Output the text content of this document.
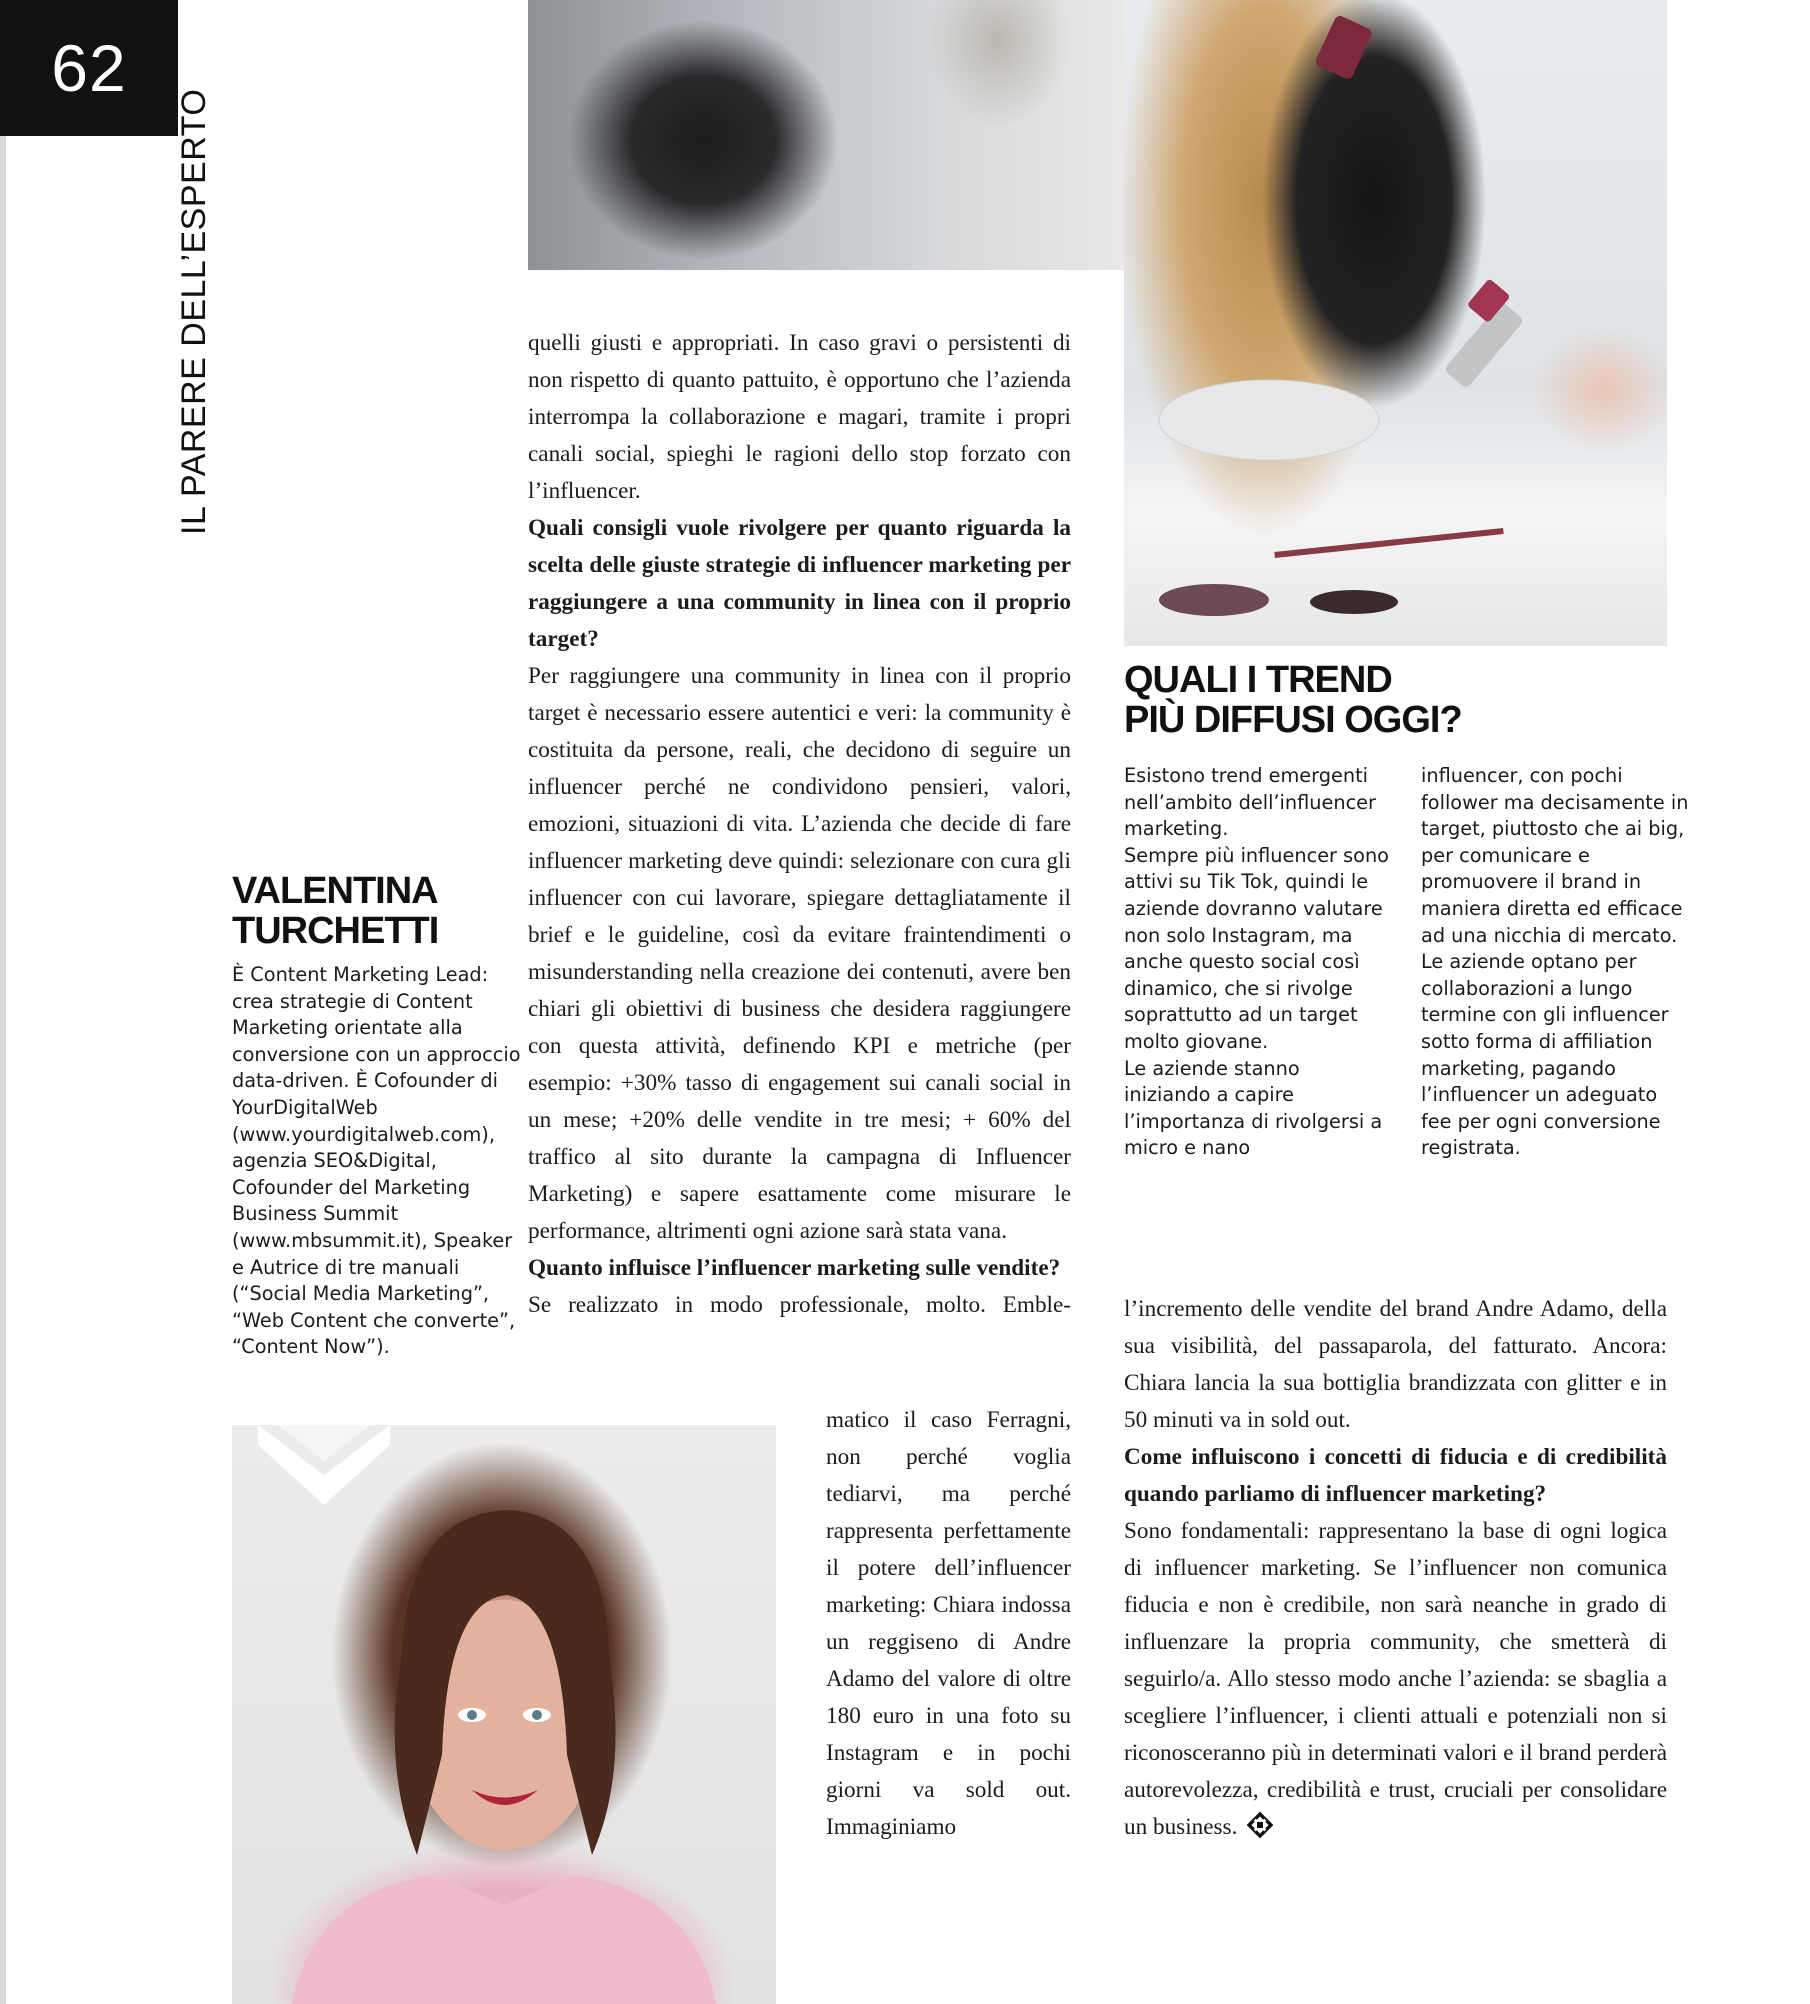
62
IL PARERE DELL’ESPERTO
QUALI I TREND
PIÙ DIFFUSI OGGI?

Esistono trend emergenti nell’ambito dell’influencer marketing.
Sempre più influencer sono attivi su Tik Tok, quindi le aziende dovranno valutare non solo Instagram, ma anche questo social così dinamico, che si rivolge soprattutto ad un target molto giovane.
Le aziende stanno iniziando a capire l’importanza di rivolgersi a micro e nano

influencer, con pochi follower ma decisamente in target, piuttosto che ai big, per comunicare e promuovere il brand in maniera diretta ed efficace ad una nicchia di mercato.
Le aziende optano per collaborazioni a lungo termine con gli influencer sotto forma di affiliation marketing, pagando l’influencer un adeguato fee per ogni conversione registrata.

VALENTINA
TURCHETTI

È Content Marketing Lead: crea strategie di Content Marketing orientate alla conversione con un approccio data-driven. È Cofounder di YourDigitalWeb (www.yourdigitalweb.com), agenzia SEO&Digital, Cofounder del Marketing Business Summit (www.mbsummit.it), Speaker e Autrice di tre manuali (“Social Media Marketing”, “Web Content che converte”, “Content Now”).

quelli giusti e appropriati. In caso gravi o persistenti di non rispetto di quanto pattuito, è opportuno che l’azienda interrompa la collaborazione e magari, tramite i propri canali social, spieghi le ragioni dello stop forzato con l’influencer.

Quali consigli vuole rivolgere per quanto riguarda la scelta delle giuste strategie di influencer marketing per raggiungere a una community in linea con il proprio target?

Per raggiungere una community in linea con il proprio target è necessario essere autentici e veri: la community è costituita da persone, reali, che decidono di seguire un influencer perché ne condividono pensieri, valori, emozioni, situazioni di vita. L’azienda che decide di fare influencer marketing deve quindi: selezionare con cura gli influencer con cui lavorare, spiegare dettagliatamente il brief e le guideline, così da evitare fraintendimenti o misunderstanding nella creazione dei contenuti, avere ben chiari gli obiettivi di business che desidera raggiungere con questa attività, definendo KPI e metriche (per esempio: +30% tasso di engagement sui canali social in un mese; +20% delle vendite in tre mesi; + 60% del traffico al sito durante la campagna di Influencer Marketing) e sapere esattamente come misurare le performance, altrimenti ogni azione sarà stata vana.

Quanto influisce l’influencer marketing sulle vendite?

Se realizzato in modo professionale, molto. Emble-

matico il caso Ferragni, non perché voglia tediarvi, ma perché rappresenta perfettamente il potere dell’influencer marketing: Chiara indossa un reggiseno di Andre Adamo del valore di oltre 180 euro in una foto su Instagram e in pochi giorni va sold out. Immaginiamo

l’incremento delle vendite del brand Andre Adamo, della sua visibilità, del passaparola, del fatturato. Ancora: Chiara lancia la sua bottiglia brandizzata con glitter e in 50 minuti va in sold out.

Come influiscono i concetti di fiducia e di credibilità quando parliamo di influencer marketing?

Sono fondamentali: rappresentano la base di ogni logica di influencer marketing. Se l’influencer non comunica fiducia e non è credibile, non sarà neanche in grado di influenzare la propria community, che smetterà di seguirlo/a. Allo stesso modo anche l’azienda: se sbaglia a scegliere l’influencer, i clienti attuali e potenziali non si riconosceranno più in determinati valori e il brand perderà autorevolezza, credibilità e trust, cruciali per consolidare un business.
